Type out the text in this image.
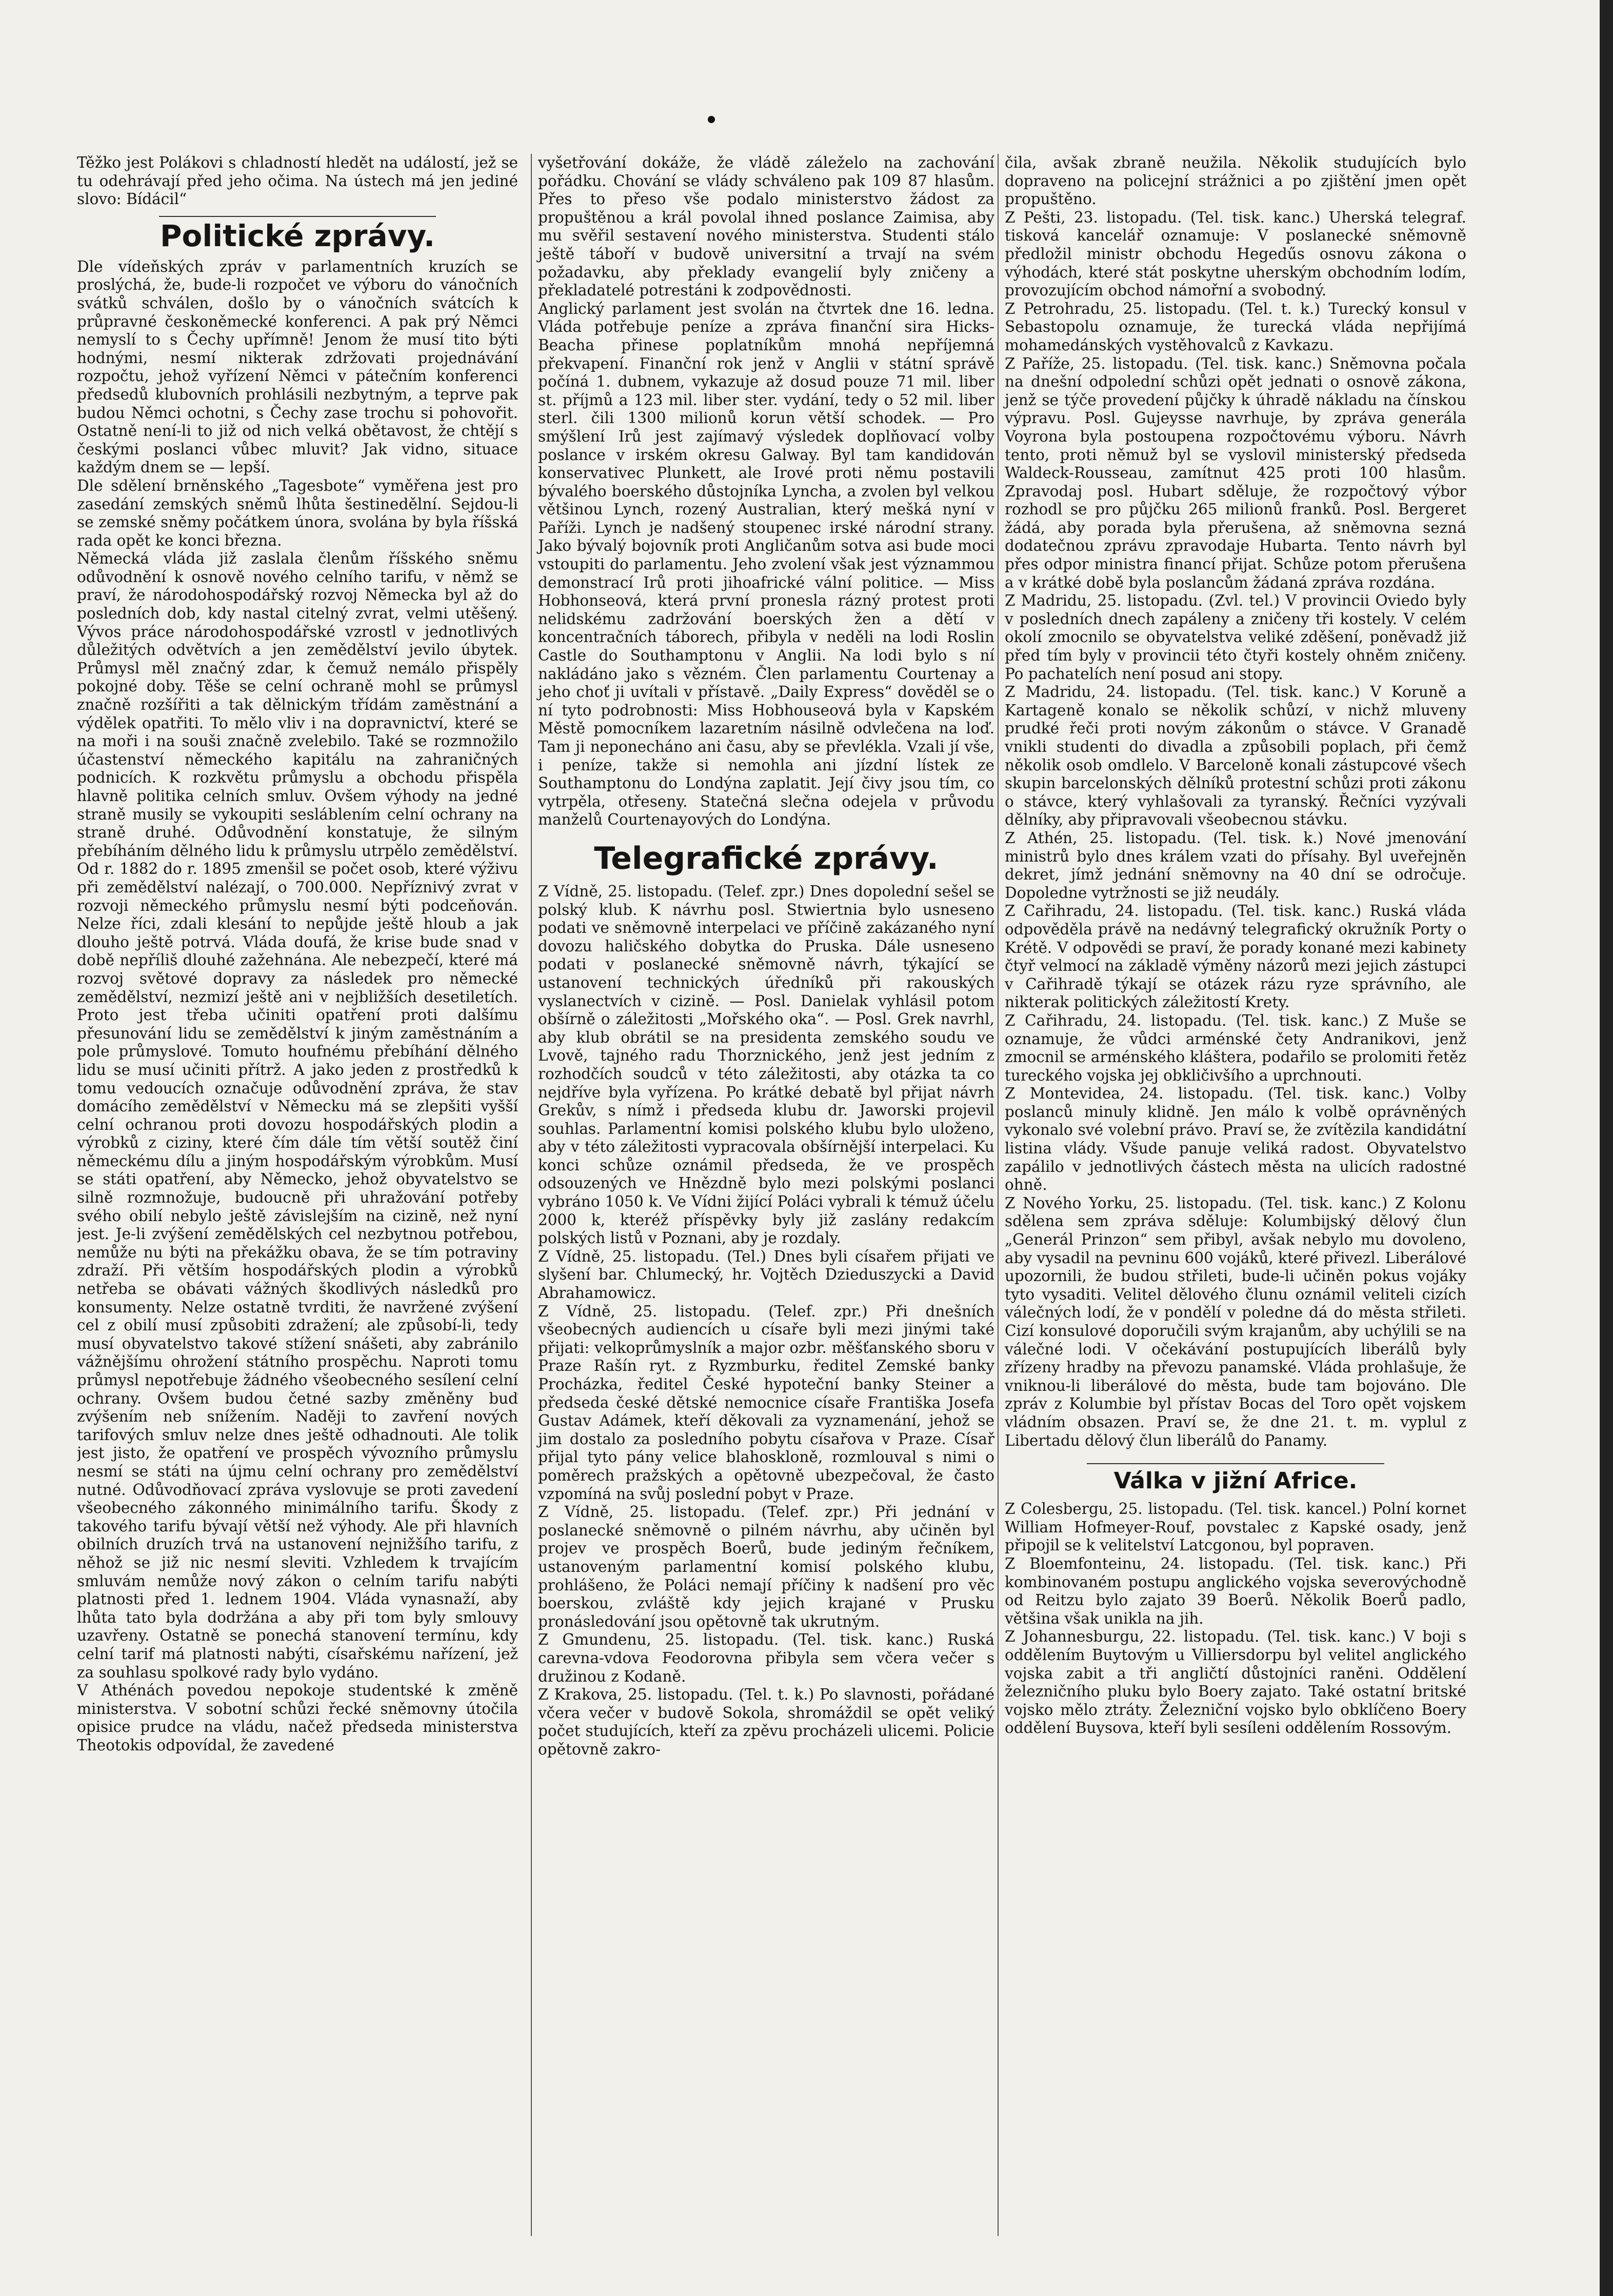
Těžko jest Polákovi s chladností hledět na událostí, jež se tu odehrávají před jeho očima. Na ústech má jen jediné slovo: Bídácil“

Politické zprávy.

Dle vídeňských zpráv v parlamentních kruzích se proslýchá, že, bude-li rozpočet ve výboru do vánočních svátků schválen, došlo by o vánočních svátcích k průpravné českoněmecké konferenci. A pak prý Němci nemyslí to s Čechy upřímně! Jenom že musí tito býti hodnými, nesmí nikterak zdržovati projednávání rozpočtu, jehož vyřízení Němci v pátečním konferenci předsedů klubovních prohlásili nezbytným, a teprve pak budou Němci ochotni, s Čechy zase trochu si pohovořit. Ostatně není-li to již od nich velká obětavost, že chtějí s českými poslanci vůbec mluvit? Jak vidno, situace každým dnem se — lepší.

Dle sdělení brněnského „Tagesbote“ vyměřena jest pro zasedání zemských sněmů lhůta šestinedělní. Sejdou-li se zemské sněmy počátkem února, svolána by byla říšská rada opět ke konci března.

Německá vláda již zaslala členům říšského sněmu odůvodnění k osnově nového celního tarifu, v němž se praví, že národohospodářský rozvoj Německa byl až do posledních dob, kdy nastal citelný zvrat, velmi utěšený. Vývos práce národohospodářské vzrostl v jednotlivých důležitých odvětvích a jen zemědělství jevilo úbytek. Průmysl měl značný zdar, k čemuž nemálo přispěly pokojné doby. Těše se celní ochraně mohl se průmysl značně rozšířiti a tak dělnickým třídám zaměstnání a výdělek opatřiti. To mělo vliv i na dopravnictví, které se na moři i na souši značně zvelebilo. Také se rozmnožilo účastenství německého kapitálu na zahraničných podnicích. K rozkvětu průmyslu a obchodu přispěla hlavně politika celních smluv. Ovšem výhody na jedné straně musily se vykoupiti sesláblením celní ochrany na straně druhé. Odůvodnění konstatuje, že silným přebíháním dělného lidu k průmyslu utrpělo zemědělství. Od r. 1882 do r. 1895 zmenšil se počet osob, které výživu při zemědělství nalézají, o 700.000. Nepříznivý zvrat v rozvoji německého průmyslu nesmí býti podceňován. Nelze říci, zdali klesání to nepůjde ještě hloub a jak dlouho ještě potrvá. Vláda doufá, že krise bude snad v době nepříliš dlouhé zažehnána. Ale nebezpečí, které má rozvoj světové dopravy za následek pro německé zemědělství, nezmizí ještě ani v nejbližších desetiletích. Proto jest třeba učiniti opatření proti dalšímu přesunování lidu se zemědělství k jiným zaměstnáním a pole průmyslové. Tomuto houfnému přebíhání dělného lidu se musí učiniti přítrž. A jako jeden z prostředků k tomu vedoucích označuje odůvodnění zpráva, že stav domácího zemědělství v Německu má se zlepšiti vyšší celní ochranou proti dovozu hospodářských plodin a výrobků z ciziny, které čím dále tím větší soutěž činí německému dílu a jiným hospodářským výrobkům. Musí se státi opatření, aby Německo, jehož obyvatelstvo se silně rozmnožuje, budoucně při uhražování potřeby svého obilí nebylo ještě závislejším na cizině, než nyní jest. Je-li zvýšení zemědělských cel nezbytnou potřebou, nemůže nu býti na překážku obava, že se tím potraviny zdraží. Při větším hospodářských plodin a výrobků netřeba se obávati vážných škodlivých následků pro konsumenty. Nelze ostatně tvrditi, že navržené zvýšení cel z obilí musí způsobiti zdražení; ale způsobí-li, tedy musí obyvatelstvo takové stížení snášeti, aby zabránilo vážnějšímu ohrožení státního prospěchu. Naproti tomu průmysl nepotřebuje žádného všeobecného sesílení celní ochrany. Ovšem budou četné sazby změněny buď zvýšením neb snížením. Naději to zavření nových tarifových smluv nelze dnes ještě odhadnouti. Ale tolik jest jisto, že opatření ve prospěch vývozního průmyslu nesmí se státi na újmu celní ochrany pro zemědělství nutné. Odůvodňovací zpráva vyslovuje se proti zavedení všeobecného zákonného minimálního tarifu. Škody z takového tarifu bývají větší než výhody. Ale při hlavních obilních druzích trvá na ustanovení nejnižšího tarifu, z něhož se již nic nesmí sleviti. Vzhledem k trvajícím smluvám nemůže nový zákon o celním tarifu nabýti platnosti před 1. lednem 1904. Vláda vynasnaží, aby lhůta tato byla dodržána a aby při tom byly smlouvy uzavřeny. Ostatně se ponechá stanovení termínu, kdy celní tarif má platnosti nabýti, císařskému nařízení, jež za souhlasu spolkové rady bylo vydáno.

V Athénách povedou nepokoje studentské k změně ministerstva. V sobotní schůzi řecké sněmovny útočila opisice prudce na vládu, načež předseda ministerstva Theotokis odpovídal, že zavedené

vyšetřování dokáže, že vládě záleželo na zachování pořádku. Chování se vlády schváleno pak 109 87 hlasům. Přes to přeso vše podalo ministerstvo žádost za propuštěnou a král povolal ihned poslance Zaimisa, aby mu svěřil sestavení nového ministerstva. Studenti stálo ještě táboří v budově universitní a trvají na svém požadavku, aby překlady evangelií byly zničeny a překladatelé potrestáni k zodpovědnosti.

Anglický parlament jest svolán na čtvrtek dne 16. ledna. Vláda potřebuje peníze a zpráva finanční sira Hicks-Beacha přinese poplatníkům mnohá nepříjemná překvapení. Finanční rok jenž v Anglii v státní správě počíná 1. dubnem, vykazuje až dosud pouze 71 mil. liber st. příjmů a 123 mil. liber ster. vydání, tedy o 52 mil. liber sterl. čili 1300 milionů korun větší schodek. — Pro smýšlení Irů jest zajímavý výsledek doplňovací volby poslance v irském okresu Galway. Byl tam kandidován konservativec Plunkett, ale Irové proti němu postavili bývalého boerského důstojníka Lyncha, a zvolen byl velkou většinou Lynch, rozený Australian, který mešká nyní v Paříži. Lynch je nadšený stoupenec irské národní strany. Jako bývalý bojovník proti Angličanům sotva asi bude moci vstoupiti do parlamentu. Jeho zvolení však jest význammou demonstrací Irů proti jihoafrické vální politice. — Miss Hobhonseová, která první pronesla rázný protest proti nelidskému zadržování boerských žen a dětí v koncentračních táborech, přibyla v neděli na lodi Roslin Castle do Southamptonu v Anglii. Na lodi bylo s ní nakládáno jako s vězném. Člen parlamentu Courtenay a jeho choť ji uvítali v přístavě. „Daily Express“ dověděl se o ní tyto podrobnosti: Miss Hobhouseová byla v Kapském Městě pomocníkem lazaretním násilně odvlečena na loď. Tam ji neponecháno ani času, aby se převlékla. Vzali jí vše, i peníze, takže si nemohla ani jízdní lístek ze Southamptonu do Londýna zaplatit. Její čivy jsou tím, co vytrpěla, otřeseny. Statečná slečna odejela v průvodu manželů Courtenayových do Londýna.

Telegrafické zprávy.

Z Vídně, 25. listopadu. (Telef. zpr.) Dnes dopolední sešel se polský klub. K návrhu posl. Stwiertnia bylo usneseno podati ve sněmovně interpelaci ve příčině zakázaného nyní dovozu haličského dobytka do Pruska. Dále usneseno podati v poslanecké sněmovně návrh, týkající se ustanovení technických úředníků při rakouských vyslanectvích v cizině. — Posl. Danielak vyhlásil potom obšírně o záležitosti „Mořského oka“. — Posl. Grek navrhl, aby klub obrátil se na presidenta zemského soudu ve Lvově, tajného radu Thorznického, jenž jest jedním z rozhodčích soudců v této záležitosti, aby otázka ta co nejdříve byla vyřízena. Po krátké debatě byl přijat návrh Grekův, s nímž i předseda klubu dr. Jaworski projevil souhlas. Parlamentní komisi polského klubu bylo uloženo, aby v této záležitosti vypracovala obšírnější interpelaci. Ku konci schůze oznámil předseda, že ve prospěch odsouzených ve Hnězdně bylo mezi polskými poslanci vybráno 1050 k. Ve Vídni žijící Poláci vybrali k témuž účelu 2000 k, kteréž příspěvky byly již zaslány redakcím polských listů v Poznani, aby je rozdaly.

Z Vídně, 25. listopadu. (Tel.) Dnes byli císařem přijati ve slyšení bar. Chlumecký, hr. Vojtěch Dzieduszycki a David Abrahamowicz.

Z Vídně, 25. listopadu. (Telef. zpr.) Při dnešních všeobecných audiencích u císaře byli mezi jinými také přijati: velkoprůmyslník a major ozbr. měšťanského sboru v Praze Rašín ryt. z Ryzmburku, ředitel Zemské banky Procházka, ředitel České hypoteční banky Steiner a předseda české dětské nemocnice císaře Františka Josefa Gustav Adámek, kteří děkovali za vyznamenání, jehož se jim dostalo za posledního pobytu císařova v Praze. Císař přijal tyto pány velice blahoskloně, rozmlouval s nimi o poměrech pražských a opětovně ubezpečoval, že často vzpomíná na svůj poslední pobyt v Praze.

Z Vídně, 25. listopadu. (Telef. zpr.) Při jednání v poslanecké sněmovně o pilném návrhu, aby učiněn byl projev ve prospěch Boerů, bude jediným řečníkem, ustanoveným parlamentní komisí polského klubu, prohlášeno, že Poláci nemají příčiny k nadšení pro věc boerskou, zvláště kdy jejich krajané v Prusku pronásledování jsou opětovně tak ukrutným.

Z Gmundenu, 25. listopadu. (Tel. tisk. kanc.) Ruská carevna-vdova Feodorovna přibyla sem včera večer s družinou z Kodaně.

Z Krakova, 25. listopadu. (Tel. t. k.) Po slavnosti, pořádané včera večer v budově Sokola, shromáždil se opět veliký počet studujících, kteří za zpěvu procházeli ulicemi. Policie opětovně zakro-

čila, avšak zbraně neužila. Několik studujících bylo dopraveno na policejní strážnici a po zjištění jmen opět propuštěno.

Z Pešti, 23. listopadu. (Tel. tisk. kanc.) Uherská telegraf. tisková kancelář oznamuje: V poslanecké sněmovně předložil ministr obchodu Hegedűs osnovu zákona o výhodách, které stát poskytne uherským obchodním lodím, provozujícím obchod námořní a svobodný.

Z Petrohradu, 25. listopadu. (Tel. t. k.) Turecký konsul v Sebastopolu oznamuje, že turecká vláda nepřijímá mohamedánských vystěhovalců z Kavkazu.

Z Paříže, 25. listopadu. (Tel. tisk. kanc.) Sněmovna počala na dnešní odpolední schůzi opět jednati o osnově zákona, jenž se týče provedení půjčky k úhradě nákladu na čínskou výpravu. Posl. Gujeysse navrhuje, by zpráva generála Voyrona byla postoupena rozpočtovému výboru. Návrh tento, proti němuž byl se vyslovil ministerský předseda Waldeck-Rousseau, zamítnut 425 proti 100 hlasům. Zpravodaj posl. Hubart sděluje, že rozpočtový výbor rozhodl se pro půjčku 265 milionů franků. Posl. Bergeret žádá, aby porada byla přerušena, až sněmovna sezná dodatečnou zprávu zpravodaje Hubarta. Tento návrh byl přes odpor ministra financí přijat. Schůze potom přerušena a v krátké době byla poslancům žádaná zpráva rozdána.

Z Madridu, 25. listopadu. (Zvl. tel.) V provincii Oviedo byly v posledních dnech zapáleny a zničeny tři kostely. V celém okolí zmocnilo se obyvatelstva veliké zděšení, poněvadž již před tím byly v provincii této čtyři kostely ohněm zničeny. Po pachatelích není posud ani stopy.

Z Madridu, 24. listopadu. (Tel. tisk. kanc.) V Koruně a Kartageně konalo se několik schůzí, v nichž mluveny prudké řeči proti novým zákonům o stávce. V Granadě vnikli studenti do divadla a způsobili poplach, při čemž několik osob omdlelo. V Barceloně konali zástupcové všech skupin barcelonských dělníků protestní schůzi proti zákonu o stávce, který vyhlašovali za tyranský. Řečníci vyzývali dělníky, aby připravovali všeobecnou stávku.

Z Athén, 25. listopadu. (Tel. tisk. k.) Nové jmenování ministrů bylo dnes králem vzati do přísahy. Byl uveřejněn dekret, jímž jednání sněmovny na 40 dní se odročuje. Dopoledne vytržnosti se již neudály.

Z Cařihradu, 24. listopadu. (Tel. tisk. kanc.) Ruská vláda odpověděla právě na nedávný telegrafický okružník Porty o Krétě. V odpovědi se praví, že porady konané mezi kabinety čtyř velmocí na základě výměny názorů mezi jejich zástupci v Cařihradě týkají se otázek rázu ryze správního, ale nikterak politických záležitostí Krety.

Z Cařihradu, 24. listopadu. (Tel. tisk. kanc.) Z Muše se oznamuje, že vůdci arménské čety Andranikovi, jenž zmocnil se arménského kláštera, podařilo se prolomiti řetěz tureckého vojska jej obkličivšího a uprchnouti.

Z Montevidea, 24. listopadu. (Tel. tisk. kanc.) Volby poslanců minuly klidně. Jen málo k volbě oprávněných vykonalo své volební právo. Praví se, že zvítězila kandidátní listina vlády. Všude panuje veliká radost. Obyvatelstvo zapálilo v jednotlivých částech města na ulicích radostné ohně.

Z Nového Yorku, 25. listopadu. (Tel. tisk. kanc.) Z Kolonu sdělena sem zpráva sděluje: Kolumbijský dělový člun „Generál Prinzon“ sem přibyl, avšak nebylo mu dovoleno, aby vysadil na pevninu 600 vojáků, které přivezl. Liberálové upozornili, že budou střileti, bude-li učiněn pokus vojáky tyto vysaditi. Velitel dělového člunu oznámil veliteli cizích válečných lodí, že v pondělí v poledne dá do města střileti. Cizí konsulové doporučili svým krajanům, aby uchýlili se na válečné lodi. V očekávání postupujících liberálů byly zřízeny hradby na převozu panamské. Vláda prohlašuje, že vniknou-li liberálové do města, bude tam bojováno. Dle zpráv z Kolumbie byl přístav Bocas del Toro opět vojskem vládním obsazen. Praví se, že dne 21. t. m. vyplul z Libertadu dělový člun liberálů do Panamy.

Válka v jižní Africe.

Z Colesbergu, 25. listopadu. (Tel. tisk. kancel.) Polní kornet William Hofmeyer-Rouf, povstalec z Kapské osady, jenž připojil se k velitelství Latcgonou, byl popraven.

Z Bloemfonteinu, 24. listopadu. (Tel. tisk. kanc.) Při kombinovaném postupu anglického vojska severovýchodně od Reitzu bylo zajato 39 Boerů. Několik Boerů padlo, většina však unikla na jih.

Z Johannesburgu, 22. listopadu. (Tel. tisk. kanc.) V boji s oddělením Buytovým u Villiersdorpu byl velitel anglického vojska zabit a tři angličtí důstojníci raněni. Oddělení železničního pluku bylo Boery zajato. Také ostatní britské vojsko mělo ztráty. Železniční vojsko bylo obklíčeno Boery oddělení Buysova, kteří byli sesíleni oddělením Rossovým.
